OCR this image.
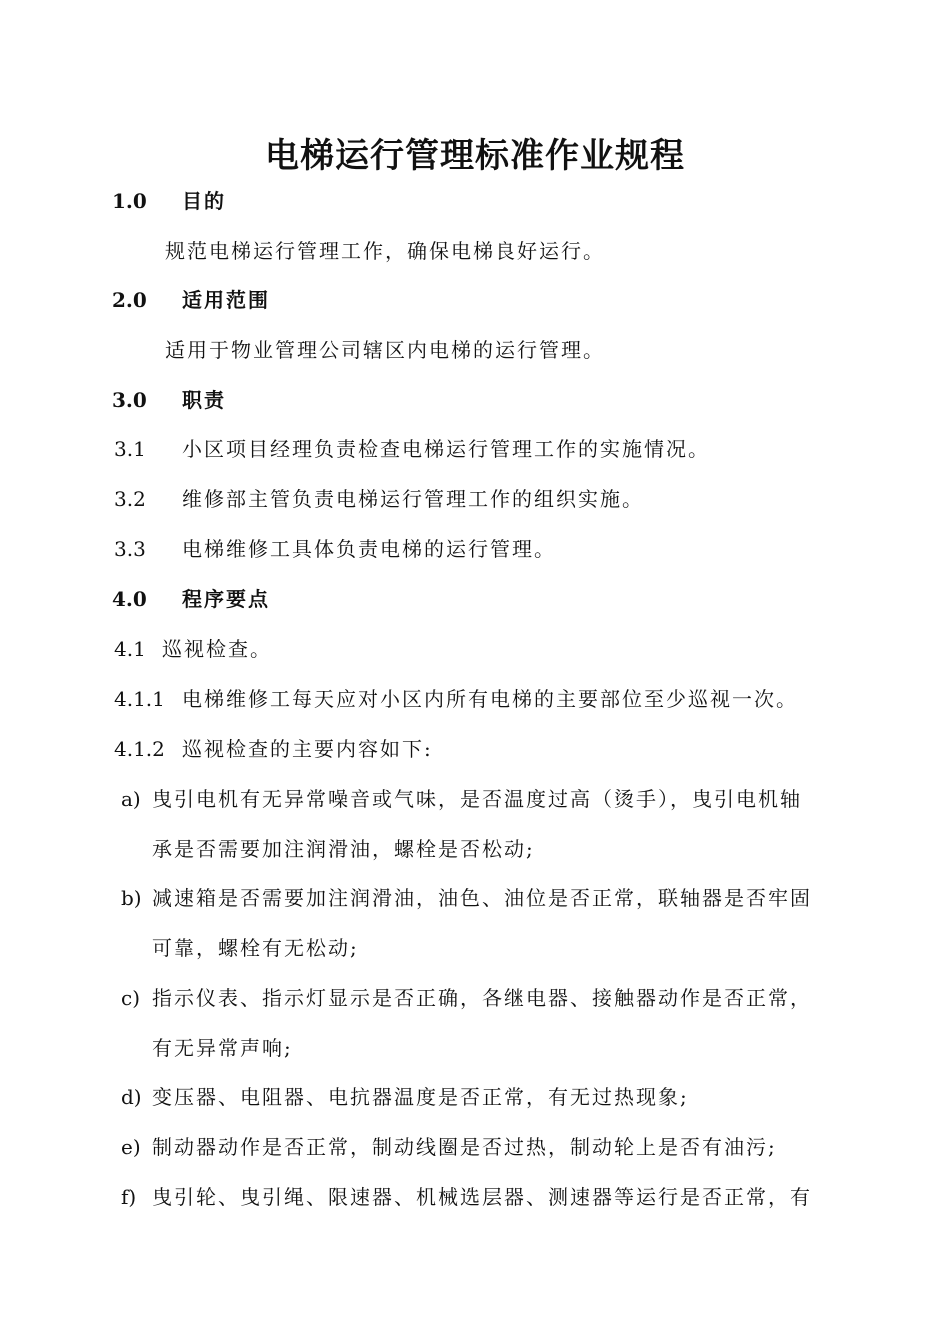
电梯运行管理标准作业规程
1.0 目的
规范电梯运行管理工作，确保电梯良好运行。
2.0 适用范围
适用于物业管理公司辖区内电梯的运行管理。
3.0 职责
3.1 小区项目经理负责检查电梯运行管理工作的实施情况。
3.2 维修部主管负责电梯运行管理工作的组织实施。
3.3 电梯维修工具体负责电梯的运行管理。
4.0 程序要点
4.1 巡视检查。
4.1.1 电梯维修工每天应对小区内所有电梯的主要部位至少巡视一次。
4.1.2 巡视检查的主要内容如下:
a) 曳引电机有无异常噪音或气味，是否温度过高（烫手），曳引电机轴
承是否需要加注润滑油，螺栓是否松动;
b) 减速箱是否需要加注润滑油，油色、油位是否正常，联轴器是否牢固
可靠，螺栓有无松动;
c) 指示仪表、指示灯显示是否正确，各继电器、接触器动作是否正常，
有无异常声响;
d) 变压器、电阻器、电抗器温度是否正常，有无过热现象;
e) 制动器动作是否正常，制动线圈是否过热，制动轮上是否有油污;
f) 曳引轮、曳引绳、限速器、机械选层器、测速器等运行是否正常，有
